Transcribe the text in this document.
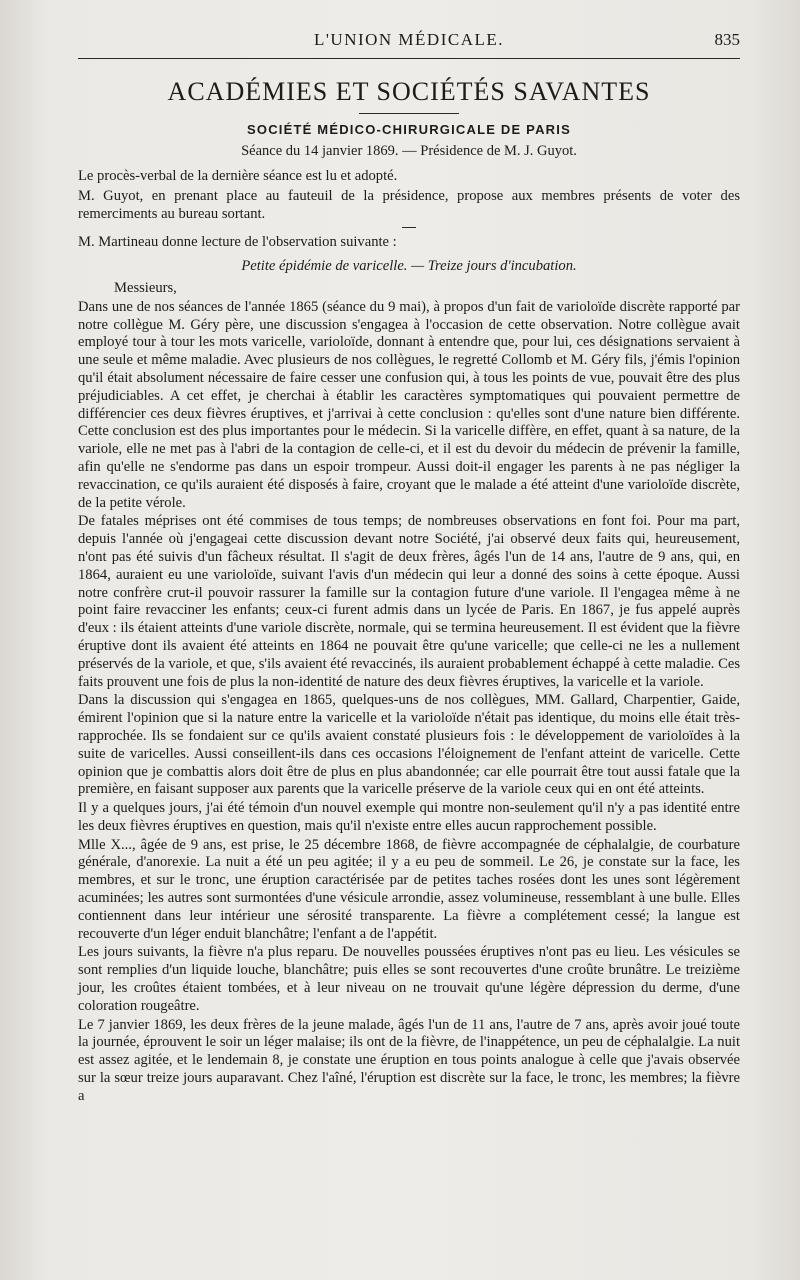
L'UNION MÉDICALE.	835
ACADÉMIES ET SOCIÉTÉS SAVANTES
SOCIÉTÉ MÉDICO-CHIRURGICALE DE PARIS
Séance du 14 janvier 1869. — Présidence de M. J. Guyot.

Le procès-verbal de la dernière séance est lu et adopté.

M. Guyot, en prenant place au fauteuil de la présidence, propose aux membres présents de voter des remerciments au bureau sortant.

M. Martineau donne lecture de l'observation suivante :

Petite épidémie de varicelle. — Treize jours d'incubation.

Messieurs,

Dans une de nos séances de l'année 1865 (séance du 9 mai), à propos d'un fait de varioloïde discrète rapporté par notre collègue M. Géry père, une discussion s'engagea à l'occasion de cette observation. Notre collègue avait employé tour à tour les mots varicelle, varioloïde, donnant à entendre que, pour lui, ces désignations servaient à une seule et même maladie. Avec plusieurs de nos collègues, le regretté Collomb et M. Géry fils, j'émis l'opinion qu'il était absolument nécessaire de faire cesser une confusion qui, à tous les points de vue, pouvait être des plus préjudiciables. A cet effet, je cherchai à établir les caractères symptomatiques qui pouvaient permettre de différencier ces deux fièvres éruptives, et j'arrivai à cette conclusion : qu'elles sont d'une nature bien différente. Cette conclusion est des plus importantes pour le médecin. Si la varicelle diffère, en effet, quant à sa nature, de la variole, elle ne met pas à l'abri de la contagion de celle-ci, et il est du devoir du médecin de prévenir la famille, afin qu'elle ne s'endorme pas dans un espoir trompeur. Aussi doit-il engager les parents à ne pas négliger la revaccination, ce qu'ils auraient été disposés à faire, croyant que le malade a été atteint d'une varioloïde discrète, de la petite vérole.

De fatales méprises ont été commises de tous temps; de nombreuses observations en font foi. Pour ma part, depuis l'année où j'engageai cette discussion devant notre Société, j'ai observé deux faits qui, heureusement, n'ont pas été suivis d'un fâcheux résultat. Il s'agit de deux frères, âgés l'un de 14 ans, l'autre de 9 ans, qui, en 1864, auraient eu une varioloïde, suivant l'avis d'un médecin qui leur a donné des soins à cette époque. Aussi notre confrère crut-il pouvoir rassurer la famille sur la contagion future d'une variole. Il l'engagea même à ne point faire revacciner les enfants; ceux-ci furent admis dans un lycée de Paris. En 1867, je fus appelé auprès d'eux : ils étaient atteints d'une variole discrète, normale, qui se termina heureusement. Il est évident que la fièvre éruptive dont ils avaient été atteints en 1864 ne pouvait être qu'une varicelle; que celle-ci ne les a nullement préservés de la variole, et que, s'ils avaient été revaccinés, ils auraient probablement échappé à cette maladie. Ces faits prouvent une fois de plus la non-identité de nature des deux fièvres éruptives, la varicelle et la variole.

Dans la discussion qui s'engagea en 1865, quelques-uns de nos collègues, MM. Gallard, Charpentier, Gaide, émirent l'opinion que si la nature entre la varicelle et la varioloïde n'était pas identique, du moins elle était très-rapprochée. Ils se fondaient sur ce qu'ils avaient constaté plusieurs fois : le développement de varioloïdes à la suite de varicelles. Aussi conseillent-ils dans ces occasions l'éloignement de l'enfant atteint de varicelle. Cette opinion que je combattis alors doit être de plus en plus abandonnée; car elle pourrait être tout aussi fatale que la première, en faisant supposer aux parents que la varicelle préserve de la variole ceux qui en ont été atteints.

Il y a quelques jours, j'ai été témoin d'un nouvel exemple qui montre non-seulement qu'il n'y a pas identité entre les deux fièvres éruptives en question, mais qu'il n'existe entre elles aucun rapprochement possible.

Mlle X..., âgée de 9 ans, est prise, le 25 décembre 1868, de fièvre accompagnée de céphalalgie, de courbature générale, d'anorexie. La nuit a été un peu agitée; il y a eu peu de sommeil. Le 26, je constate sur la face, les membres, et sur le tronc, une éruption caractérisée par de petites taches rosées dont les unes sont légèrement acuminées; les autres sont surmontées d'une vésicule arrondie, assez volumineuse, ressemblant à une bulle. Elles contiennent dans leur intérieur une sérosité transparente. La fièvre a complétement cessé; la langue est recouverte d'un léger enduit blanchâtre; l'enfant a de l'appétit.

Les jours suivants, la fièvre n'a plus reparu. De nouvelles poussées éruptives n'ont pas eu lieu. Les vésicules se sont remplies d'un liquide louche, blanchâtre; puis elles se sont recouvertes d'une croûte brunâtre. Le treizième jour, les croûtes étaient tombées, et à leur niveau on ne trouvait qu'une légère dépression du derme, d'une coloration rougeâtre.

Le 7 janvier 1869, les deux frères de la jeune malade, âgés l'un de 11 ans, l'autre de 7 ans, après avoir joué toute la journée, éprouvent le soir un léger malaise; ils ont de la fièvre, de l'inappétence, un peu de céphalalgie. La nuit est assez agitée, et le lendemain 8, je constate une éruption en tous points analogue à celle que j'avais observée sur la sœur treize jours auparavant. Chez l'aîné, l'éruption est discrète sur la face, le tronc, les membres; la fièvre a
